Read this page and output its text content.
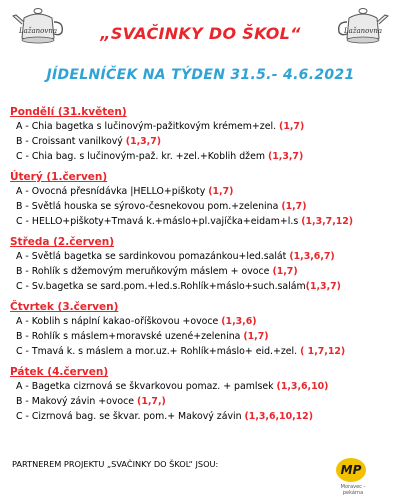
Lažanovna	Lažanovna
„SVAČINKY DO ŠKOL“
JÍDELNÍČEK NA TÝDEN 31.5.- 4.6.2021
Pondělí (31.květen)
A - Chia bagetka s lučinovým-pažitkovým krémem+zel. (1,7)
B - Croissant vanilkový (1,3,7)
C - Chia bag. s lučinovým-paž. kr. +zel.+Koblih džem (1,3,7)
Úterý (1.červen)
A - Ovocná přesnídávka |HELLO+piškoty (1,7)
B - Světlá houska se sýrovo-česnekovou pom.+zelenina (1,7)
C - HELLO+piškoty+Tmavá k.+máslo+pl.vajíčka+eidam+l.s (1,3,7,12)
Středa (2.červen)
A - Světlá bagetka se sardinkovou pomazánkou+led.salát (1,3,6,7)
B - Rohlík s džemovým meruňkovým máslem + ovoce (1,7)
C - Sv.bagetka se sard.pom.+led.s.Rohlík+máslo+such.salám(1,3,7)
Čtvrtek (3.červen)
A - Koblih s náplní kakao-oříškovou +ovoce (1,3,6)
B - Rohlík s máslem+moravské uzené+zelenina (1,7)
C - Tmavá k. s máslem a mor.uz.+ Rohlík+máslo+ eid.+zel. ( 1,7,12)
Pátek (4.červen)
A - Bagetka cizrnová se škvarkovou pomaz. + pamlsek (1,3,6,10)
B - Makový závin +ovoce (1,7,)
C - Cizrnová bag. se škvar. pom.+ Makový závin (1,3,6,10,12)
PARTNEREM PROJEKTU „SVAČINKY DO ŠKOL“ JSOU:	MP
Moravec - pekárna
